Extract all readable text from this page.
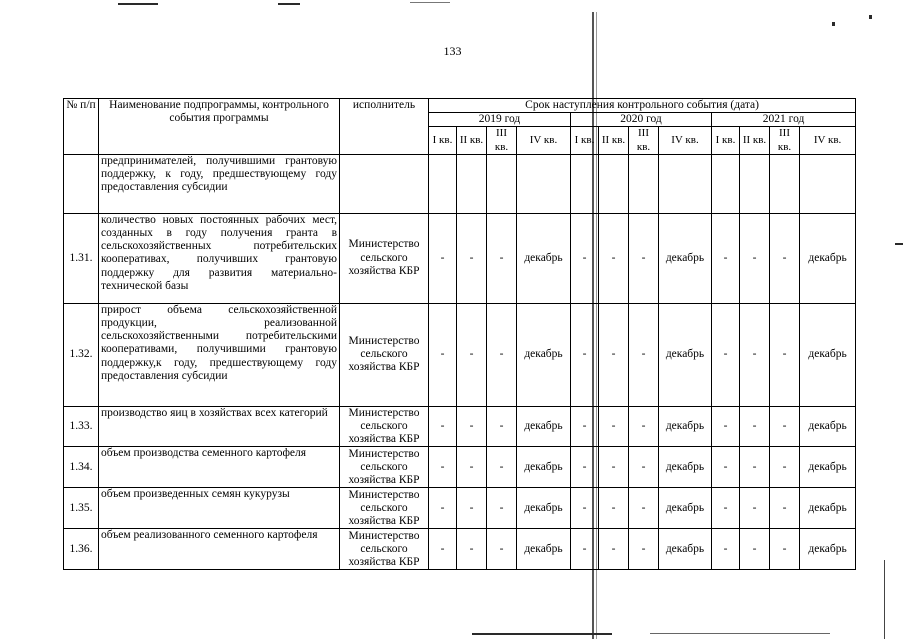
133
№ п/п	Наименование подпрограммы, контрольного события программы	исполнитель	Срок наступления контрольного события (дата)											
			2019 год				2020 год				2021 год			
			I кв.	II кв.	III кв.	IV кв.	I кв.	II кв.	III кв.	IV кв.	I кв.	II кв.	III кв.	IV кв.
	предпринимателей, получившими грантовую поддержку, к году, предшествующему году предоставления субсидии													
1.31.	количество новых постоянных рабочих мест, созданных в году получения гранта в сельскохозяйственных потребительских кооперативах, получивших грантовую поддержку для развития материально-технической базы	Министерство сельского хозяйства КБР	-	-	-	декабрь	-	-	-	декабрь	-	-	-	декабрь
1.32.	прирост объема сельскохозяйственной продукции, реализованной сельскохозяйственными потребительскими кооперативами, получившими грантовую поддержку,к году, предшествующему году предоставления субсидии	Министерство сельского хозяйства КБР	-	-	-	декабрь	-	-	-	декабрь	-	-	-	декабрь
1.33.	производство яиц в хозяйствах всех категорий	Министерство сельского хозяйства КБР	-	-	-	декабрь	-	-	-	декабрь	-	-	-	декабрь
1.34.	объем производства семенного картофеля	Министерство сельского хозяйства КБР	-	-	-	декабрь	-	-	-	декабрь	-	-	-	декабрь
1.35.	объем произведенных семян кукурузы	Министерство сельского хозяйства КБР	-	-	-	декабрь	-	-	-	декабрь	-	-	-	декабрь
1.36.	объем реализованного семенного картофеля	Министерство сельского хозяйства КБР	-	-	-	декабрь	-	-	-	декабрь	-	-	-	декабрь
